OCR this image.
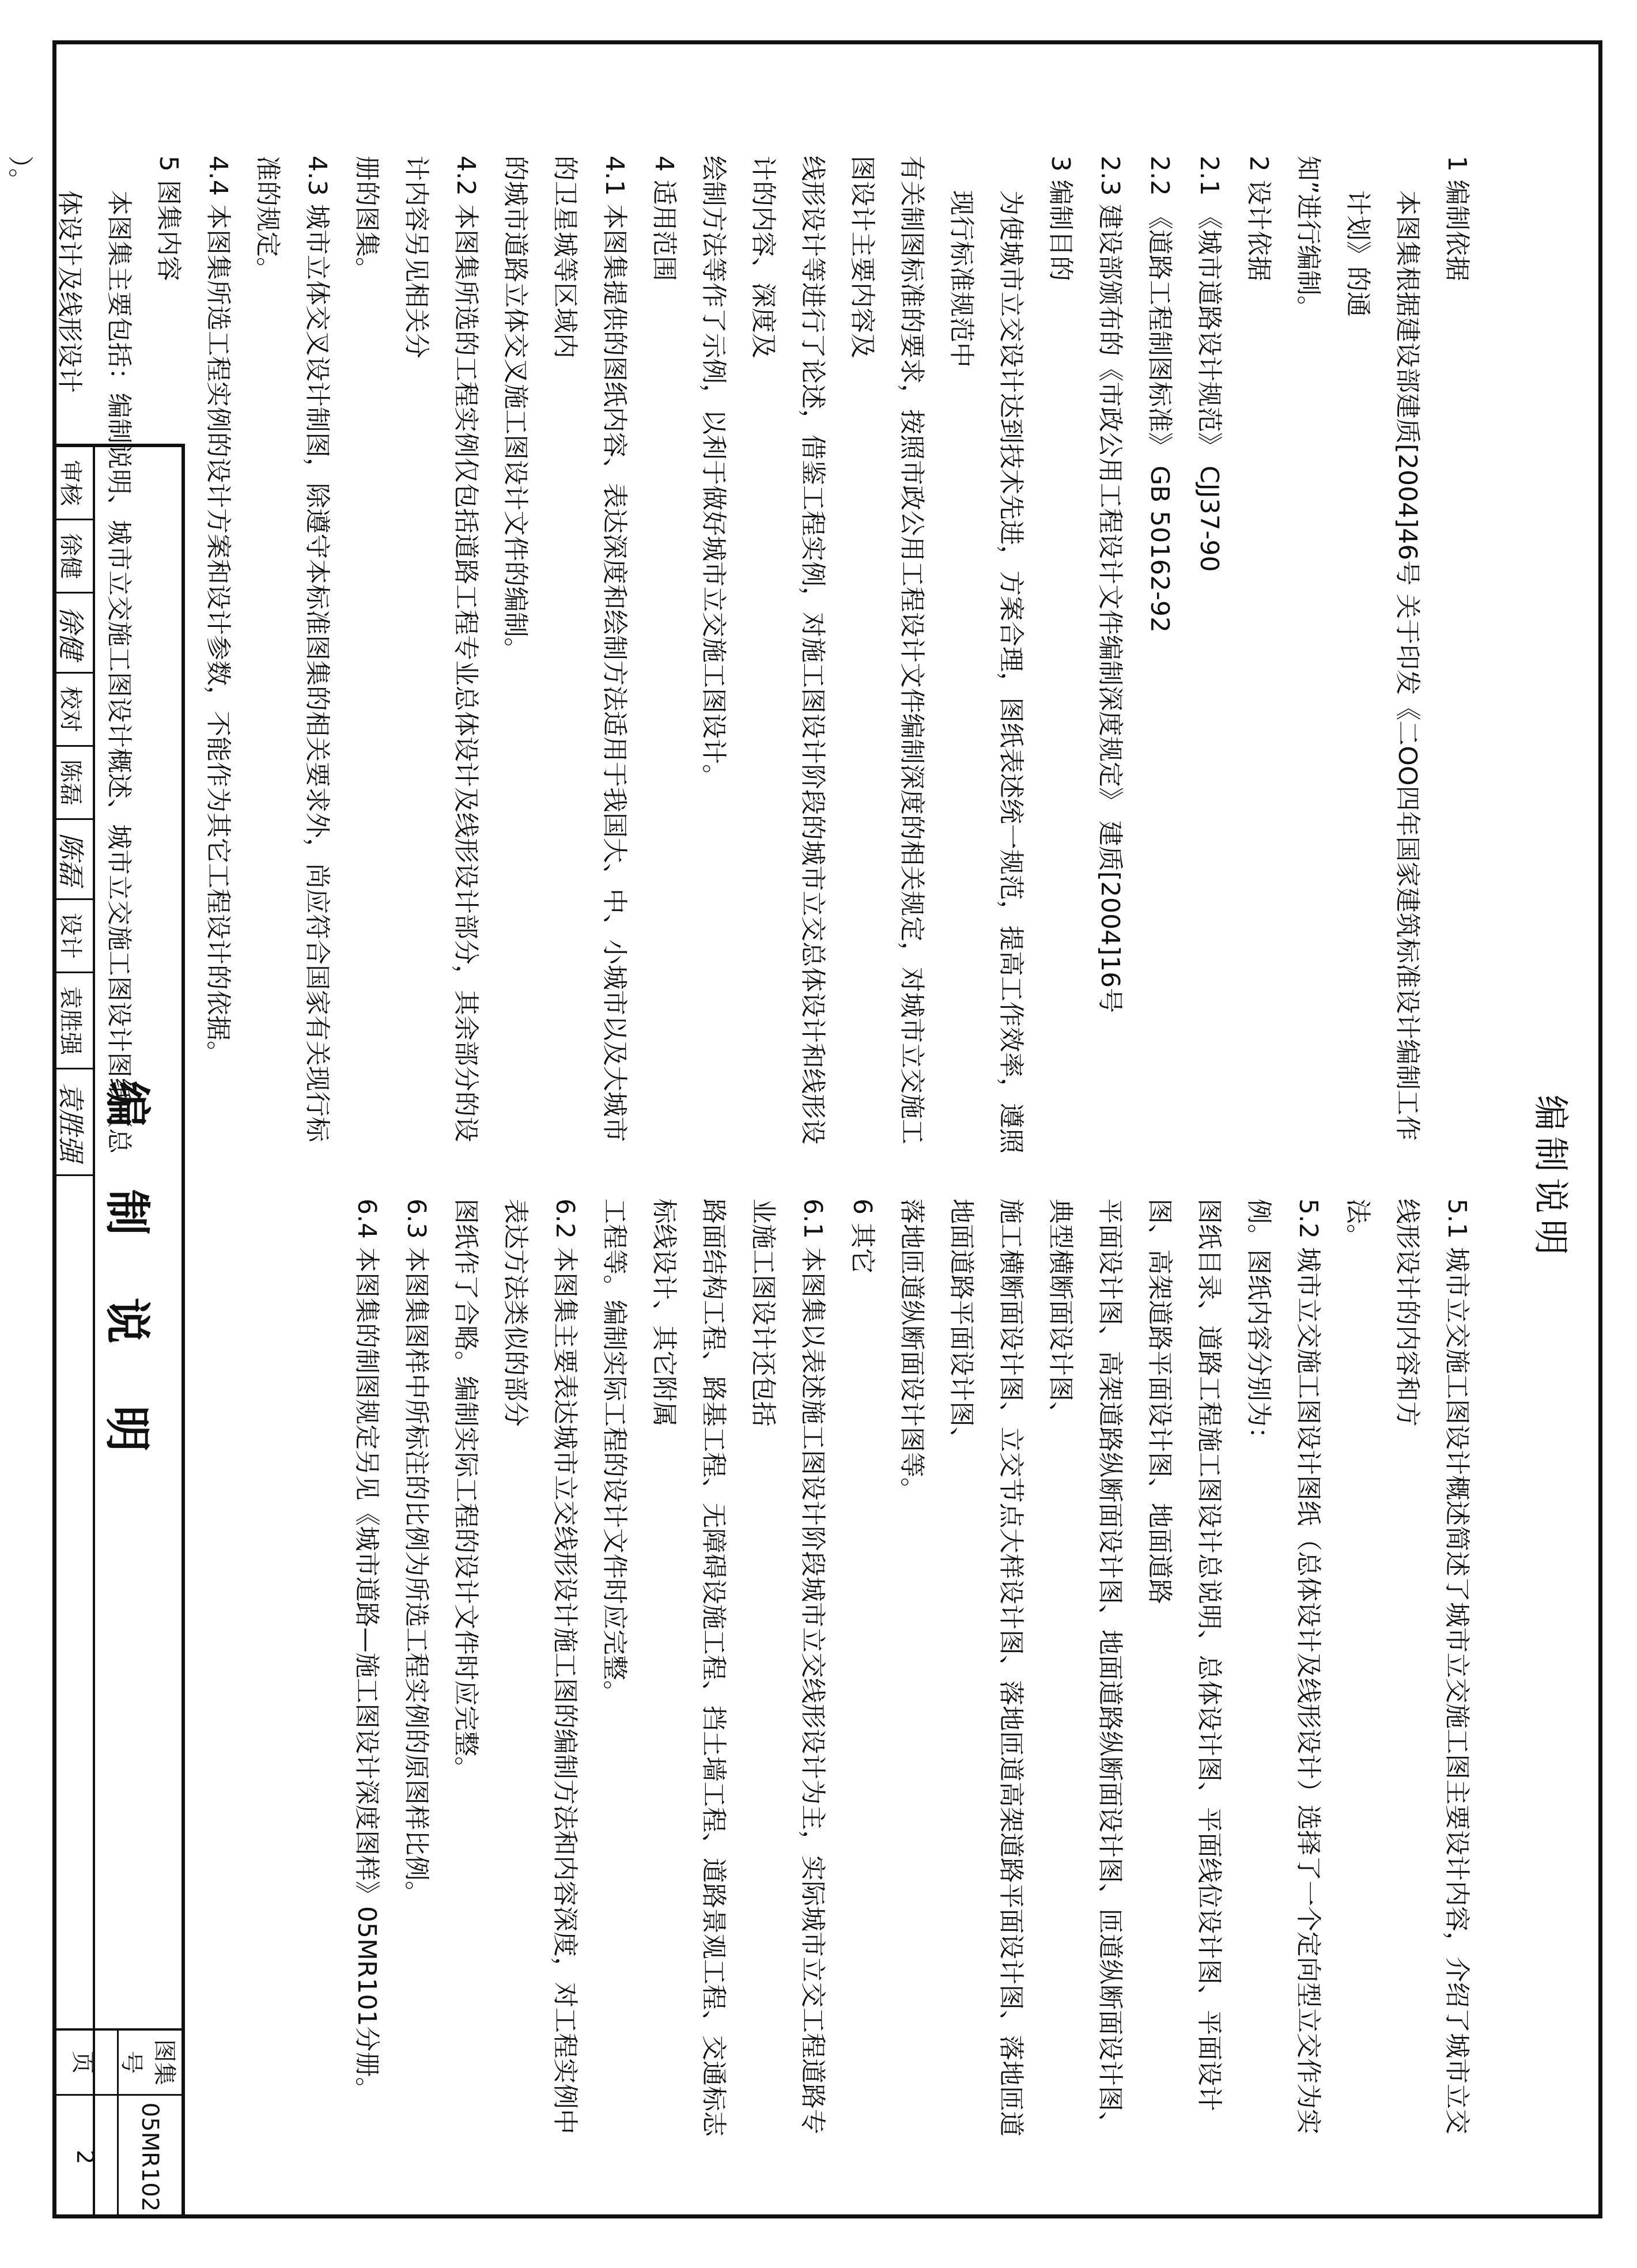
编制说明
1 编制依据
本图集根据建设部建质[2004]46号 关于印发《二OO四年国家建筑标准设计编制工作计划》的通
知”进行编制。
2 设计依据
2.1 《城市道路设计规范》 CJJ37-90
2.2 《道路工程制图标准》 GB 50162-92
2.3 建设部颁布的《市政公用工程设计文件编制深度规定》 建质[2004]16号
3 编制目的
为使城市立交设计达到技术先进，方案合理，图纸表述统一规范，提高工作效率，遵照现行标准规范中
有关制图标准的要求，按照市政公用工程设计文件编制深度的相关规定，对城市立交施工图设计主要内容及
线形设计等进行了论述，借鉴工程实例，对施工图设计阶段的城市立交总体设计和线形设计的内容、深度及
绘制方法等作了示例，以利于做好城市立交施工图设计。
4 适用范围
4.1 本图集提供的图纸内容、表达深度和绘制方法适用于我国大、中、小城市以及大城市的卫星城等区域内
的城市道路立体交叉施工图设计文件的编制。
4.2 本图集所选的工程实例仅包括道路工程专业总体设计及线形设计部分，其余部分的设计内容另见相关分
册的图集。
4.3 城市立体交叉设计制图，除遵守本标准图集的相关要求外，尚应符合国家有关现行标准的规定。
4.4 本图集所选工程实例的设计方案和设计参数，不能作为其它工程设计的依据。
5 图集内容
本图集主要包括：编制说明、城市立交施工图设计概述、城市立交施工图设计图纸（总体设计及线形设计
）。
5.1 城市立交施工图设计概述简述了城市立交施工图主要设计内容，介绍了城市立交线形设计的内容和方
法。
5.2 城市立交施工图设计图纸（总体设计及线形设计）选择了一个定向型立交作为实例。图纸内容分别为：
图纸目录、道路工程施工图设计总说明、总体设计图、平面线位设计图、平面设计图、高架道路平面设计图、地面道路
平面设计图、高架道路纵断面设计图、地面道路纵断面设计图、匝道纵断面设计图、典型横断面设计图、
施工横断面设计图、立交节点大样设计图、落地匝道高架道路平面设计图、落地匝道地面道路平面设计图、
落地匝道纵断面设计图等。
6 其它
6.1 本图集以表述施工图设计阶段城市立交线形设计为主，实际城市立交工程道路专业施工图设计还包括
路面结构工程、路基工程、无障碍设施工程、挡土墙工程、道路景观工程、交通标志标线设计、其它附属
工程等。编制实际工程的设计文件时应完整。
6.2 本图集主要表达城市立交线形设计施工图的编制方法和内容深度，对工程实例中表达方法类似的部分
图纸作了合略。编制实际工程的设计文件时应完整。
6.3 本图集图样中所标注的比例为所选工程实例的原图样比例。
6.4 本图集的制图规定另见《城市道路—施工图设计深度图样》05MR101分册。
编 制 说 明
审核
徐健
徐健
校对
陈磊
陈磊
设计
袁胜强
袁胜强
图集号
05MR102
页
2
